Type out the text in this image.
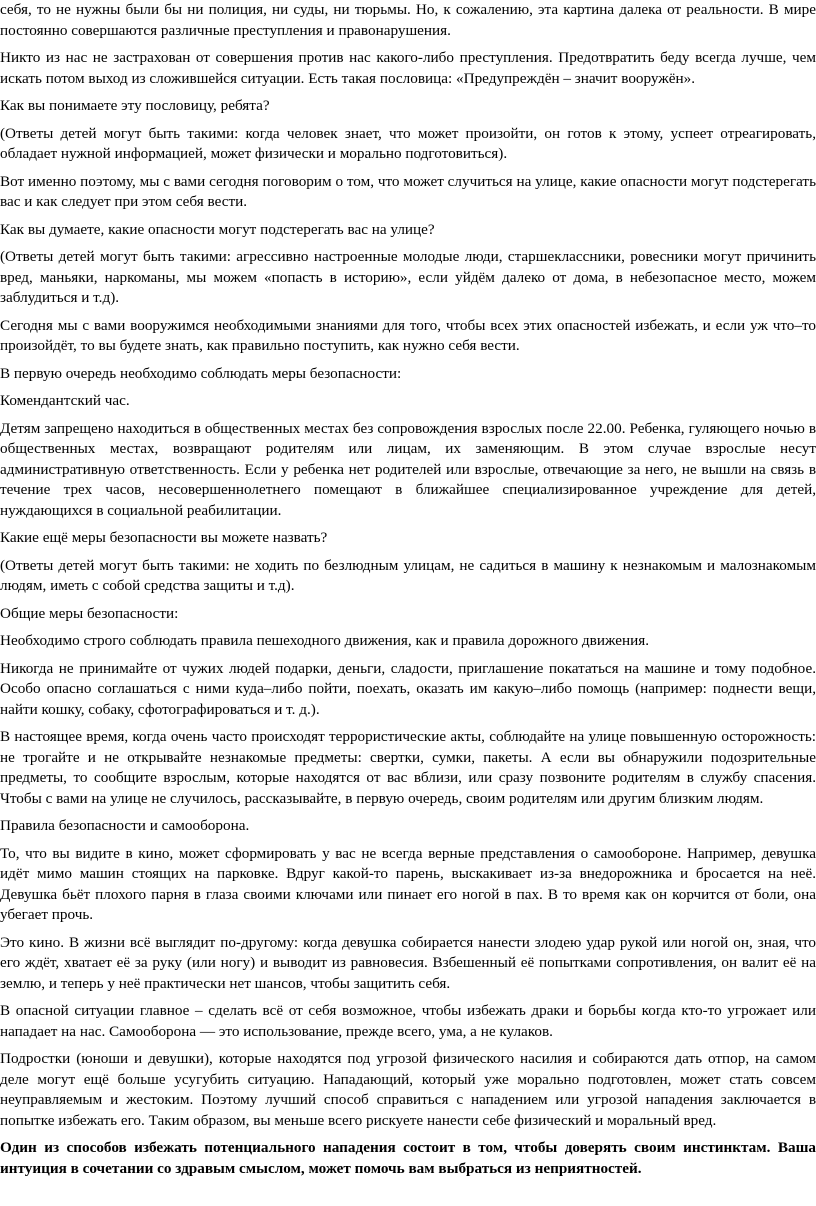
себя, то не нужны были бы ни полиция, ни суды, ни тюрьмы. Но, к сожалению, эта картина далека от реальности. В мире постоянно совершаются различные преступления и правонарушения.

Никто из нас не застрахован от совершения против нас какого-либо преступления. Предотвратить беду всегда лучше, чем искать потом выход из сложившейся ситуации. Есть такая пословица: «Предупреждён – значит вооружён».

Как вы понимаете эту пословицу, ребята?

(Ответы детей могут быть такими: когда человек знает, что может произойти, он готов к этому, успеет отреагировать, обладает нужной информацией, может физически и морально подготовиться).

Вот именно поэтому, мы с вами сегодня поговорим о том, что может случиться на улице, какие опасности могут подстерегать вас и как следует при этом себя вести.

Как вы думаете, какие опасности могут подстерегать вас на улице?

(Ответы детей могут быть такими: агрессивно настроенные молодые люди, старшеклассники, ровесники могут причинить вред, маньяки, наркоманы, мы можем «попасть в историю», если уйдём далеко от дома, в небезопасное место, можем заблудиться и т.д).

Сегодня мы с вами вооружимся необходимыми знаниями для того, чтобы всех этих опасностей избежать, и если уж что–то произойдёт, то вы будете знать, как правильно поступить, как нужно себя вести.

В первую очередь необходимо соблюдать меры безопасности:

Комендантский час.

Детям запрещено находиться в общественных местах без сопровождения взрослых после 22.00. Ребенка, гуляющего ночью в общественных местах, возвращают родителям или лицам, их заменяющим. В этом случае взрослые несут административную ответственность. Если у ребенка нет родителей или взрослые, отвечающие за него, не вышли на связь в течение трех часов, несовершеннолетнего помещают в ближайшее специализированное учреждение для детей, нуждающихся в социальной реабилитации.

Какие ещё меры безопасности вы можете назвать?

(Ответы детей могут быть такими: не ходить по безлюдным улицам, не садиться в машину к незнакомым и малознакомым людям, иметь с собой средства защиты и т.д).

Общие меры безопасности:

Необходимо строго соблюдать правила пешеходного движения, как и правила дорожного движения.

Никогда не принимайте от чужих людей подарки, деньги, сладости, приглашение покататься на машине и тому подобное. Особо опасно соглашаться с ними куда–либо пойти, поехать, оказать им какую–либо помощь (например: поднести вещи, найти кошку, собаку, сфотографироваться и т. д.).

В настоящее время, когда очень часто происходят террористические акты, соблюдайте на улице повышенную осторожность: не трогайте и не открывайте незнакомые предметы: свертки, сумки, пакеты. А если вы обнаружили подозрительные предметы, то сообщите взрослым, которые находятся от вас вблизи, или сразу позвоните родителям в службу спасения. Чтобы с вами на улице не случилось, рассказывайте, в первую очередь, своим родителям или другим близким людям.

Правила безопасности и самооборона.

То, что вы видите в кино, может сформировать у вас не всегда верные представления о самообороне. Например, девушка идёт мимо машин стоящих на парковке. Вдруг какой-то парень, выскакивает из-за внедорожника и бросается на неё. Девушка бьёт плохого парня в глаза своими ключами или пинает его ногой в пах. В то время как он корчится от боли, она убегает прочь.

Это кино. В жизни всё выглядит по-другому: когда девушка собирается нанести злодею удар рукой или ногой он, зная, что его ждёт, хватает её за руку (или ногу) и выводит из равновесия. Взбешенный её попытками сопротивления, он валит её на землю, и теперь у неё практически нет шансов, чтобы защитить себя.

В опасной ситуации главное – сделать всё от себя возможное, чтобы избежать драки и борьбы когда кто-то угрожает или нападает на нас. Самооборона — это использование, прежде всего, ума, а не кулаков.

Подростки (юноши и девушки), которые находятся под угрозой физического насилия и собираются дать отпор, на самом деле могут ещё больше усугубить ситуацию. Нападающий, который уже морально подготовлен, может стать совсем неуправляемым и жестоким. Поэтому лучший способ справиться с нападением или угрозой нападения заключается в попытке избежать его. Таким образом, вы меньше всего рискуете нанести себе физический и моральный вред.

Один из способов избежать потенциального нападения состоит в том, чтобы доверять своим инстинктам. Ваша интуиция в сочетании со здравым смыслом, может помочь вам выбраться из неприятностей.
